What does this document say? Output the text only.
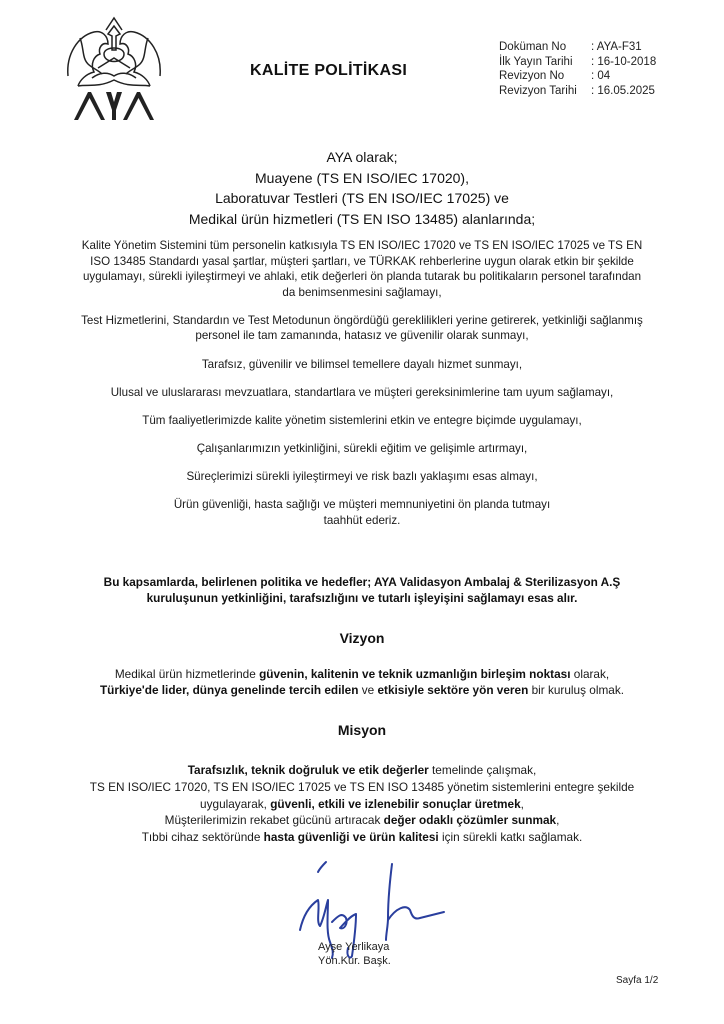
KALİTE POLİTİKASI
Doküman No	: AYA-F31
İlk Yayın Tarihi	: 16-10-2018
Revizyon No	: 04
Revizyon Tarihi	: 16.05.2025
AYA olarak;
Muayene (TS EN ISO/IEC 17020),
Laboratuvar Testleri (TS EN ISO/IEC 17025) ve
Medikal ürün hizmetleri (TS EN ISO 13485) alanlarında;

Kalite Yönetim Sistemini tüm personelin katkısıyla TS EN ISO/IEC 17020 ve TS EN ISO/IEC 17025 ve TS EN ISO 13485 Standardı yasal şartlar, müşteri şartları, ve TÜRKAK rehberlerine uygun olarak etkin bir şekilde uygulamayı, sürekli iyileştirmeyi ve ahlaki, etik değerleri ön planda tutarak bu politikaların personel tarafından da benimsenmesini sağlamayı,

Test Hizmetlerini, Standardın ve Test Metodunun öngördüğü gereklilikleri yerine getirerek, yetkinliği sağlanmış personel ile tam zamanında, hatasız ve güvenilir olarak sunmayı,

Tarafsız, güvenilir ve bilimsel temellere dayalı hizmet sunmayı,

Ulusal ve uluslararası mevzuatlara, standartlara ve müşteri gereksinimlerine tam uyum sağlamayı,

Tüm faaliyetlerimizde kalite yönetim sistemlerini etkin ve entegre biçimde uygulamayı,

Çalışanlarımızın yetkinliğini, sürekli eğitim ve gelişimle artırmayı,

Süreçlerimizi sürekli iyileştirmeyi ve risk bazlı yaklaşımı esas almayı,

Ürün güvenliği, hasta sağlığı ve müşteri memnuniyetini ön planda tutmayı

taahhüt ederiz.

Bu kapsamlarda, belirlenen politika ve hedefler; AYA Validasyon Ambalaj & Sterilizasyon A.Ş
kuruluşunun yetkinliğini, tarafsızlığını ve tutarlı işleyişini sağlamayı esas alır.
Vizyon
Medikal ürün hizmetlerinde güvenin, kalitenin ve teknik uzmanlığın birleşim noktası olarak,
Türkiye'de lider, dünya genelinde tercih edilen ve etkisiyle sektöre yön veren bir kuruluş olmak.
Misyon
Tarafsızlık, teknik doğruluk ve etik değerler temelinde çalışmak,
TS EN ISO/IEC 17020, TS EN ISO/IEC 17025 ve TS EN ISO 13485 yönetim sistemlerini entegre şekilde
uygulayarak, güvenli, etkili ve izlenebilir sonuçlar üretmek,
Müşterilerimizin rekabet gücünü artıracak değer odaklı çözümler sunmak,
Tıbbi cihaz sektöründe hasta güvenliği ve ürün kalitesi için sürekli katkı sağlamak.
Ayşe Yerlikaya
Yön.Kur. Başk.
Sayfa 1/2
